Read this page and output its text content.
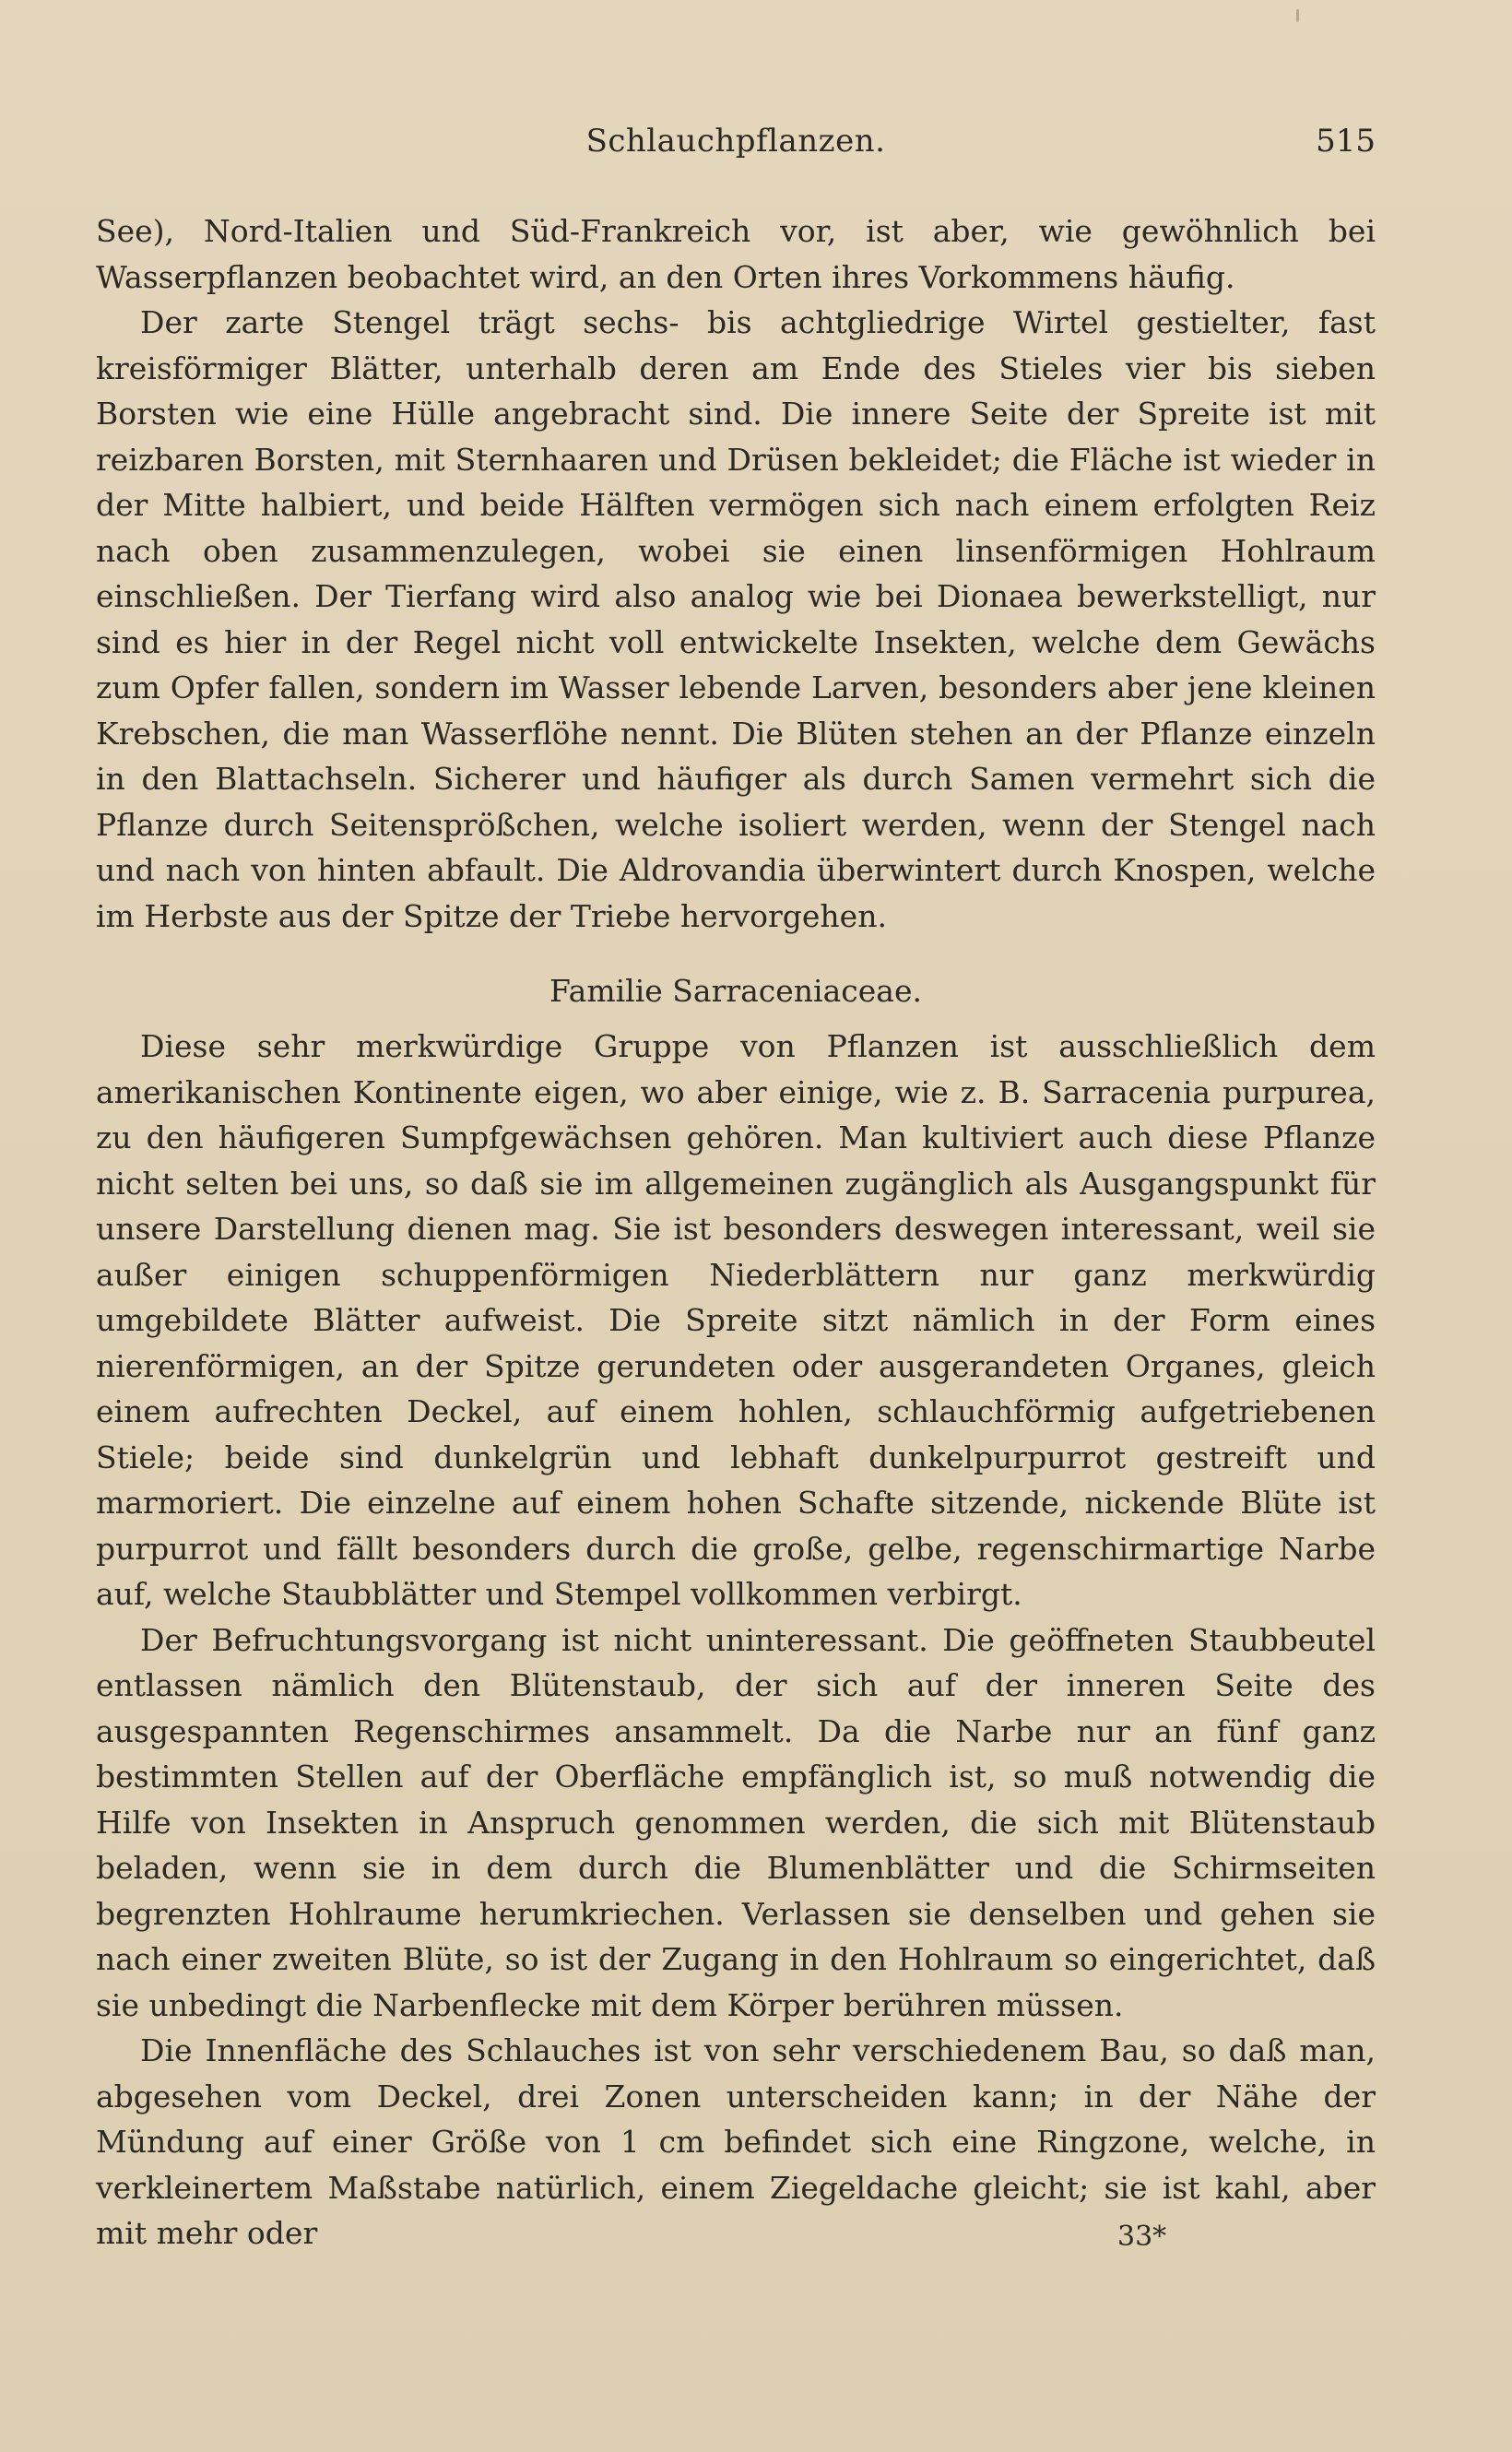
Schlauchpflanzen.	515

See), Nord-Italien und Süd-Frankreich vor, ist aber, wie gewöhnlich bei Wasserpflanzen beobachtet wird, an den Orten ihres Vorkommens häufig.

Der zarte Stengel trägt sechs- bis achtgliedrige Wirtel gestielter, fast kreisförmiger Blätter, unterhalb deren am Ende des Stieles vier bis sieben Borsten wie eine Hülle angebracht sind. Die innere Seite der Spreite ist mit reizbaren Borsten, mit Sternhaaren und Drüsen bekleidet; die Fläche ist wieder in der Mitte halbiert, und beide Hälften vermögen sich nach einem erfolgten Reiz nach oben zusammenzulegen, wobei sie einen linsenförmigen Hohlraum einschließen. Der Tierfang wird also analog wie bei Dionaea bewerkstelligt, nur sind es hier in der Regel nicht voll entwickelte Insekten, welche dem Gewächs zum Opfer fallen, sondern im Wasser lebende Larven, besonders aber jene kleinen Krebschen, die man Wasserflöhe nennt. Die Blüten stehen an der Pflanze einzeln in den Blattachseln. Sicherer und häufiger als durch Samen vermehrt sich die Pflanze durch Seitensprößchen, welche isoliert werden, wenn der Stengel nach und nach von hinten abfault. Die Aldrovandia überwintert durch Knospen, welche im Herbste aus der Spitze der Triebe hervorgehen.

Familie Sarraceniaceae.

Diese sehr merkwürdige Gruppe von Pflanzen ist ausschließlich dem amerikanischen Kontinente eigen, wo aber einige, wie z. B. Sarracenia purpurea, zu den häufigeren Sumpfgewächsen gehören. Man kultiviert auch diese Pflanze nicht selten bei uns, so daß sie im allgemeinen zugänglich als Ausgangspunkt für unsere Darstellung dienen mag. Sie ist besonders deswegen interessant, weil sie außer einigen schuppenförmigen Niederblättern nur ganz merkwürdig umgebildete Blätter aufweist. Die Spreite sitzt nämlich in der Form eines nierenförmigen, an der Spitze gerundeten oder ausgerandeten Organes, gleich einem aufrechten Deckel, auf einem hohlen, schlauchförmig aufgetriebenen Stiele; beide sind dunkelgrün und lebhaft dunkelpurpurrot gestreift und marmoriert. Die einzelne auf einem hohen Schafte sitzende, nickende Blüte ist purpurrot und fällt besonders durch die große, gelbe, regenschirmartige Narbe auf, welche Staubblätter und Stempel vollkommen verbirgt.

Der Befruchtungsvorgang ist nicht uninteressant. Die geöffneten Staubbeutel entlassen nämlich den Blütenstaub, der sich auf der inneren Seite des ausgespannten Regenschirmes ansammelt. Da die Narbe nur an fünf ganz bestimmten Stellen auf der Oberfläche empfänglich ist, so muß notwendig die Hilfe von Insekten in Anspruch genommen werden, die sich mit Blütenstaub beladen, wenn sie in dem durch die Blumenblätter und die Schirmseiten begrenzten Hohlraume herumkriechen. Verlassen sie denselben und gehen sie nach einer zweiten Blüte, so ist der Zugang in den Hohlraum so eingerichtet, daß sie unbedingt die Narbenflecke mit dem Körper berühren müssen.

Die Innenfläche des Schlauches ist von sehr verschiedenem Bau, so daß man, abgesehen vom Deckel, drei Zonen unterscheiden kann; in der Nähe der Mündung auf einer Größe von 1 cm befindet sich eine Ringzone, welche, in verkleinertem Maßstabe natürlich, einem Ziegeldache gleicht; sie ist kahl, aber mit mehr oder	33*
